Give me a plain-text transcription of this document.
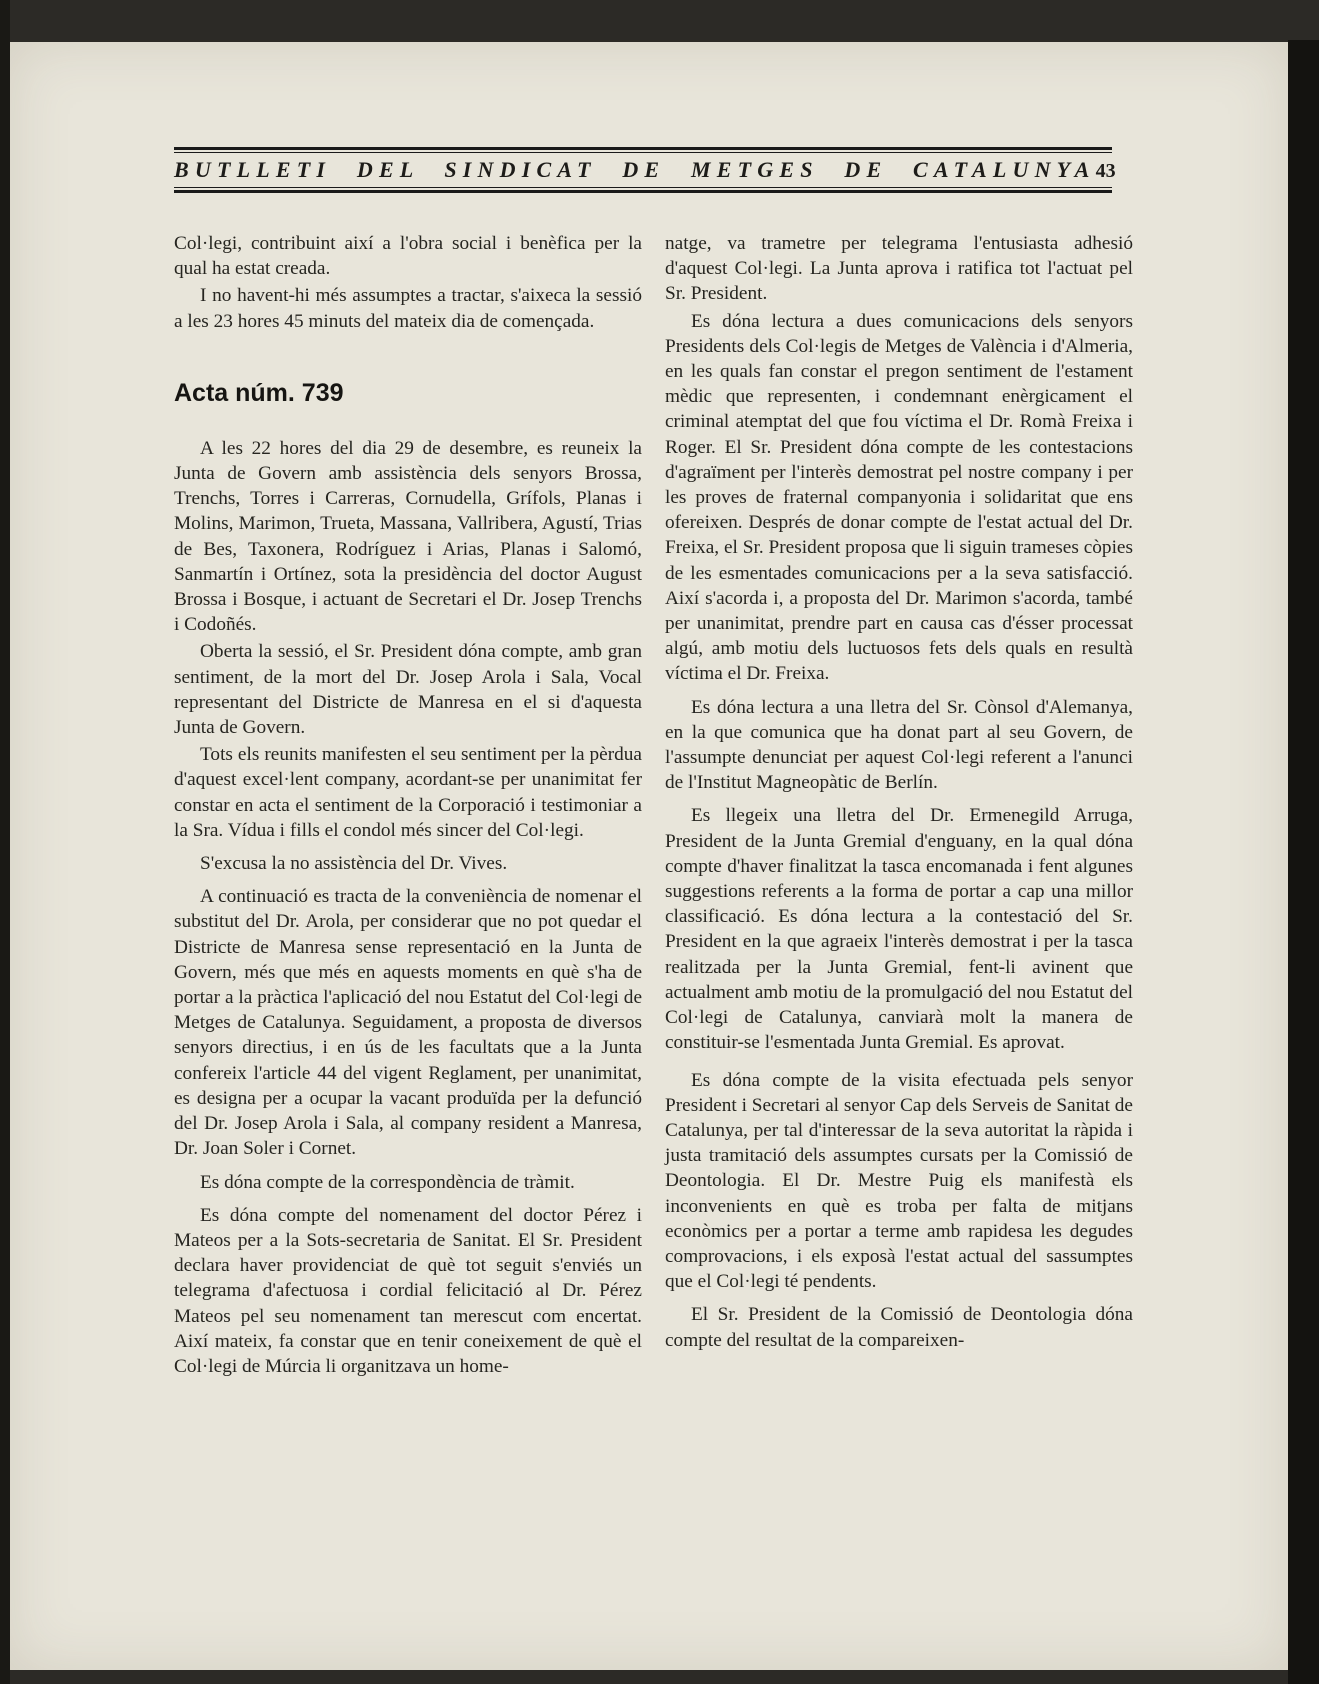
BUTLLETI DEL SINDICAT DE METGES DE CATALUNYA 43

Col·legi, contribuint així a l'obra social i benèfica per la qual ha estat creada.

I no havent-hi més assumptes a tractar, s'aixeca la sessió a les 23 hores 45 minuts del mateix dia de començada.

Acta núm. 739

A les 22 hores del dia 29 de desembre, es reuneix la Junta de Govern amb assistència dels senyors Brossa, Trenchs, Torres i Carreras, Cornudella, Grífols, Planas i Molins, Marimon, Trueta, Massana, Vallribera, Agustí, Trias de Bes, Taxonera, Rodríguez i Arias, Planas i Salomó, Sanmartín i Ortínez, sota la presidència del doctor August Brossa i Bosque, i actuant de Secretari el Dr. Josep Trenchs i Codoñés.

Oberta la sessió, el Sr. President dóna compte, amb gran sentiment, de la mort del Dr. Josep Arola i Sala, Vocal representant del Districte de Manresa en el si d'aquesta Junta de Govern.

Tots els reunits manifesten el seu sentiment per la pèrdua d'aquest excel·lent company, acordant-se per unanimitat fer constar en acta el sentiment de la Corporació i testimoniar a la Sra. Vídua i fills el condol més sincer del Col·legi.

S'excusa la no assistència del Dr. Vives.

A continuació es tracta de la conveniència de nomenar el substitut del Dr. Arola, per considerar que no pot quedar el Districte de Manresa sense representació en la Junta de Govern, més que més en aquests moments en què s'ha de portar a la pràctica l'aplicació del nou Estatut del Col·legi de Metges de Catalunya. Seguidament, a proposta de diversos senyors directius, i en ús de les facultats que a la Junta confereix l'article 44 del vigent Reglament, per unanimitat, es designa per a ocupar la vacant produïda per la defunció del Dr. Josep Arola i Sala, al company resident a Manresa, Dr. Joan Soler i Cornet.

Es dóna compte de la correspondència de tràmit.

Es dóna compte del nomenament del doctor Pérez i Mateos per a la Sots-secretaria de Sanitat. El Sr. President declara haver providenciat de què tot seguit s'enviés un telegrama d'afectuosa i cordial felicitació al Dr. Pérez Mateos pel seu nomenament tan merescut com encertat. Així mateix, fa constar que en tenir coneixement de què el Col·legi de Múrcia li organitzava un home-

natge, va trametre per telegrama l'entusiasta adhesió d'aquest Col·legi. La Junta aprova i ratifica tot l'actuat pel Sr. President.

Es dóna lectura a dues comunicacions dels senyors Presidents dels Col·legis de Metges de València i d'Almeria, en les quals fan constar el pregon sentiment de l'estament mèdic que representen, i condemnant enèrgicament el criminal atemptat del que fou víctima el Dr. Romà Freixa i Roger. El Sr. President dóna compte de les contestacions d'agraïment per l'interès demostrat pel nostre company i per les proves de fraternal companyonia i solidaritat que ens ofereixen. Després de donar compte de l'estat actual del Dr. Freixa, el Sr. President proposa que li siguin trameses còpies de les esmentades comunicacions per a la seva satisfacció. Així s'acorda i, a proposta del Dr. Marimon s'acorda, també per unanimitat, prendre part en causa cas d'ésser processat algú, amb motiu dels luctuosos fets dels quals en resultà víctima el Dr. Freixa.

Es dóna lectura a una lletra del Sr. Cònsol d'Alemanya, en la que comunica que ha donat part al seu Govern, de l'assumpte denunciat per aquest Col·legi referent a l'anunci de l'Institut Magneopàtic de Berlín.

Es llegeix una lletra del Dr. Ermenegild Arruga, President de la Junta Gremial d'enguany, en la qual dóna compte d'haver finalitzat la tasca encomanada i fent algunes suggestions referents a la forma de portar a cap una millor classificació. Es dóna lectura a la contestació del Sr. President en la que agraeix l'interès demostrat i per la tasca realitzada per la Junta Gremial, fent-li avinent que actualment amb motiu de la promulgació del nou Estatut del Col·legi de Catalunya, canviarà molt la manera de constituir-se l'esmentada Junta Gremial. Es aprovat.

Es dóna compte de la visita efectuada pels senyor President i Secretari al senyor Cap dels Serveis de Sanitat de Catalunya, per tal d'interessar de la seva autoritat la ràpida i justa tramitació dels assumptes cursats per la Comissió de Deontologia. El Dr. Mestre Puig els manifestà els inconvenients en què es troba per falta de mitjans econòmics per a portar a terme amb rapidesa les degudes comprovacions, i els exposà l'estat actual del sassumptes que el Col·legi té pendents.

El Sr. President de la Comissió de Deontologia dóna compte del resultat de la compareixen-
